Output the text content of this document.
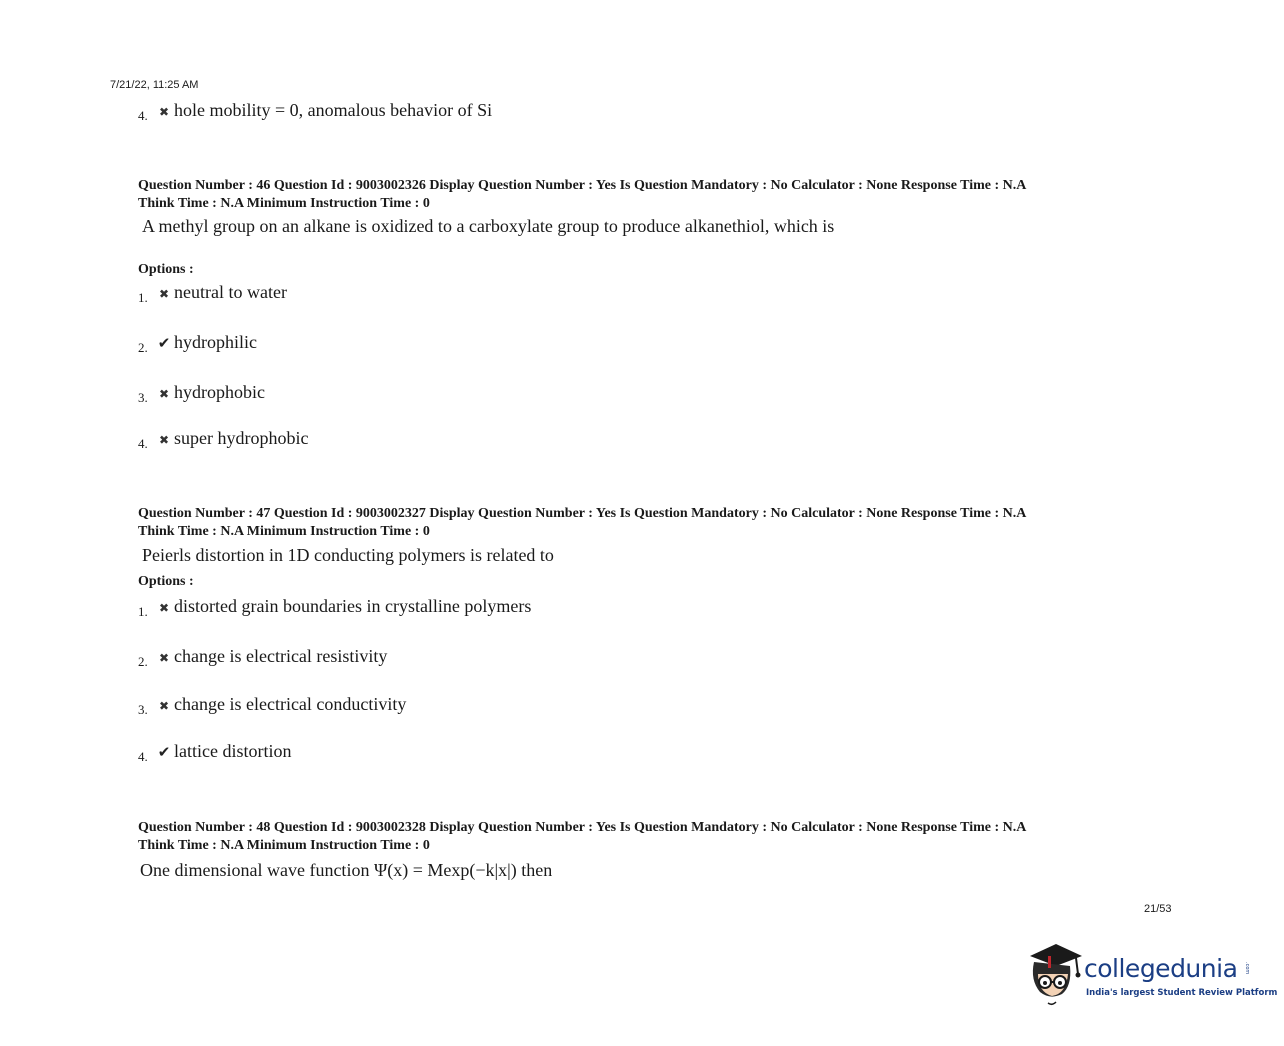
7/21/22, 11:25 AM
4. ✖ hole mobility = 0, anomalous behavior of Si
Question Number : 46 Question Id : 9003002326 Display Question Number : Yes Is Question Mandatory : No Calculator : None Response Time : N.A
Think Time : N.A Minimum Instruction Time : 0
A methyl group on an alkane is oxidized to a carboxylate group to produce alkanethiol, which is
Options :
1. ✖ neutral to water
2. ✔ hydrophilic
3. ✖ hydrophobic
4. ✖ super hydrophobic
Question Number : 47 Question Id : 9003002327 Display Question Number : Yes Is Question Mandatory : No Calculator : None Response Time : N.A
Think Time : N.A Minimum Instruction Time : 0
Peierls distortion in 1D conducting polymers is related to
Options :
1. ✖ distorted grain boundaries in crystalline polymers
2. ✖ change is electrical resistivity
3. ✖ change is electrical conductivity
4. ✔ lattice distortion
Question Number : 48 Question Id : 9003002328 Display Question Number : Yes Is Question Mandatory : No Calculator : None Response Time : N.A
Think Time : N.A Minimum Instruction Time : 0
One dimensional wave function Ψ(x) = Mexp(−k|x|) then
21/53
collegedunia .com
India's largest Student Review Platform
